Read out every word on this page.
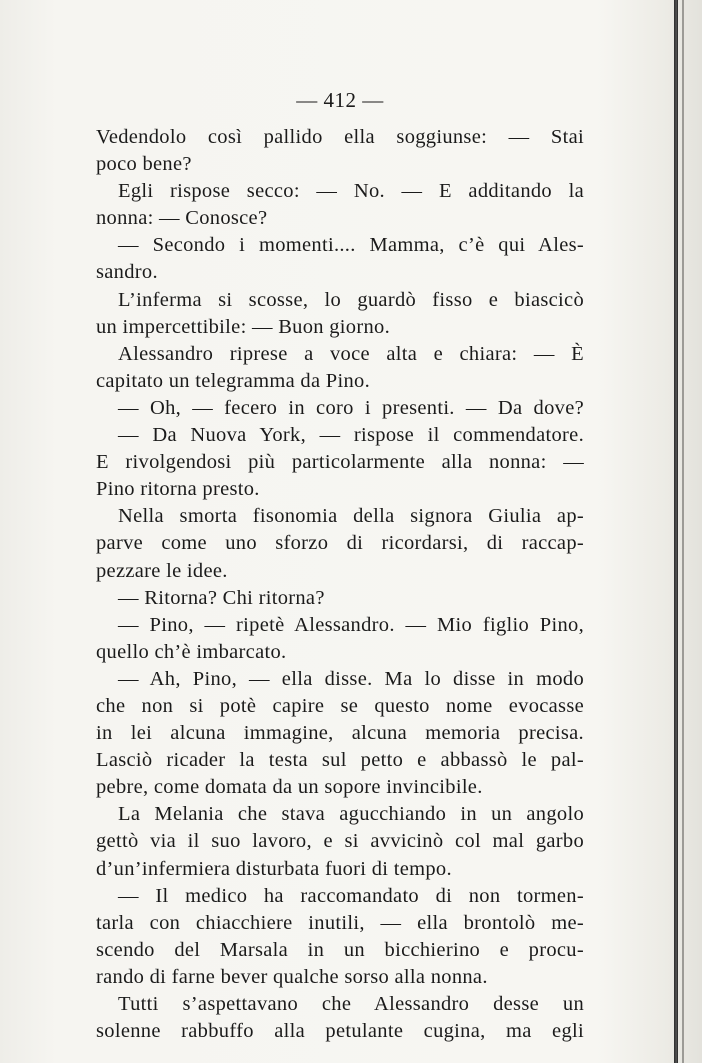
— 412 —
Vedendolo così pallido ella soggiunse: — Stai
poco bene?
Egli rispose secco: — No. — E additando la
nonna: — Conosce?
— Secondo i momenti.... Mamma, c’è qui Ales-
sandro.
L’inferma si scosse, lo guardò fisso e biascicò
un impercettibile: — Buon giorno.
Alessandro riprese a voce alta e chiara: — È
capitato un telegramma da Pino.
— Oh, — fecero in coro i presenti. — Da dove?
— Da Nuova York, — rispose il commendatore.
E rivolgendosi più particolarmente alla nonna: —
Pino ritorna presto.
Nella smorta fisonomia della signora Giulia ap-
parve come uno sforzo di ricordarsi, di raccap-
pezzare le idee.
— Ritorna? Chi ritorna?
— Pino, — ripetè Alessandro. — Mio figlio Pino,
quello ch’è imbarcato.
— Ah, Pino, — ella disse. Ma lo disse in modo
che non si potè capire se questo nome evocasse
in lei alcuna immagine, alcuna memoria precisa.
Lasciò ricader la testa sul petto e abbassò le pal-
pebre, come domata da un sopore invincibile.
La Melania che stava agucchiando in un angolo
gettò via il suo lavoro, e si avvicinò col mal garbo
d’un’infermiera disturbata fuori di tempo.
— Il medico ha raccomandato di non tormen-
tarla con chiacchiere inutili, — ella brontolò me-
scendo del Marsala in un bicchierino e procu-
rando di farne bever qualche sorso alla nonna.
Tutti s’aspettavano che Alessandro desse un
solenne rabbuffo alla petulante cugina, ma egli
